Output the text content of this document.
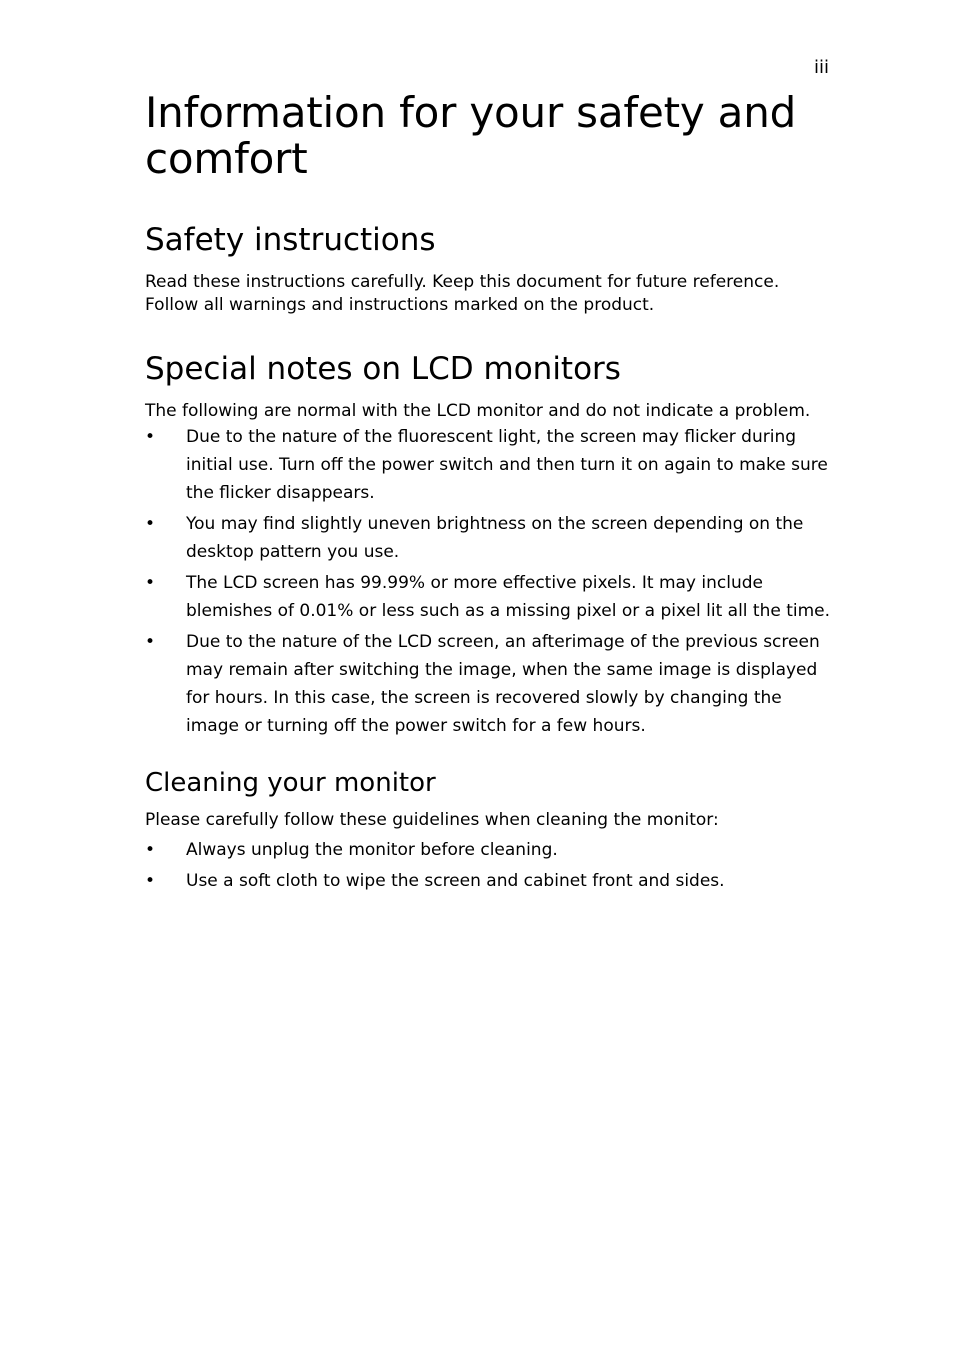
iii
Information for your safety and comfort
Safety instructions

Read these instructions carefully. Keep this document for future reference.

Follow all warnings and instructions marked on the product.

Special notes on LCD monitors

The following are normal with the LCD monitor and do not indicate a problem.

•	Due to the nature of the fluorescent light, the screen may flicker during initial use. Turn off the power switch and then turn it on again to make sure the flicker disappears.
•	You may find slightly uneven brightness on the screen depending on the desktop pattern you use.
•	The LCD screen has 99.99% or more effective pixels. It may include blemishes of 0.01% or less such as a missing pixel or a pixel lit all the time.
•	Due to the nature of the LCD screen, an afterimage of the previous screen may remain after switching the image, when the same image is displayed for hours. In this case, the screen is recovered slowly by changing the image or turning off the power switch for a few hours.
Cleaning your monitor

Please carefully follow these guidelines when cleaning the monitor:

•	Always unplug the monitor before cleaning.
•	Use a soft cloth to wipe the screen and cabinet front and sides.
